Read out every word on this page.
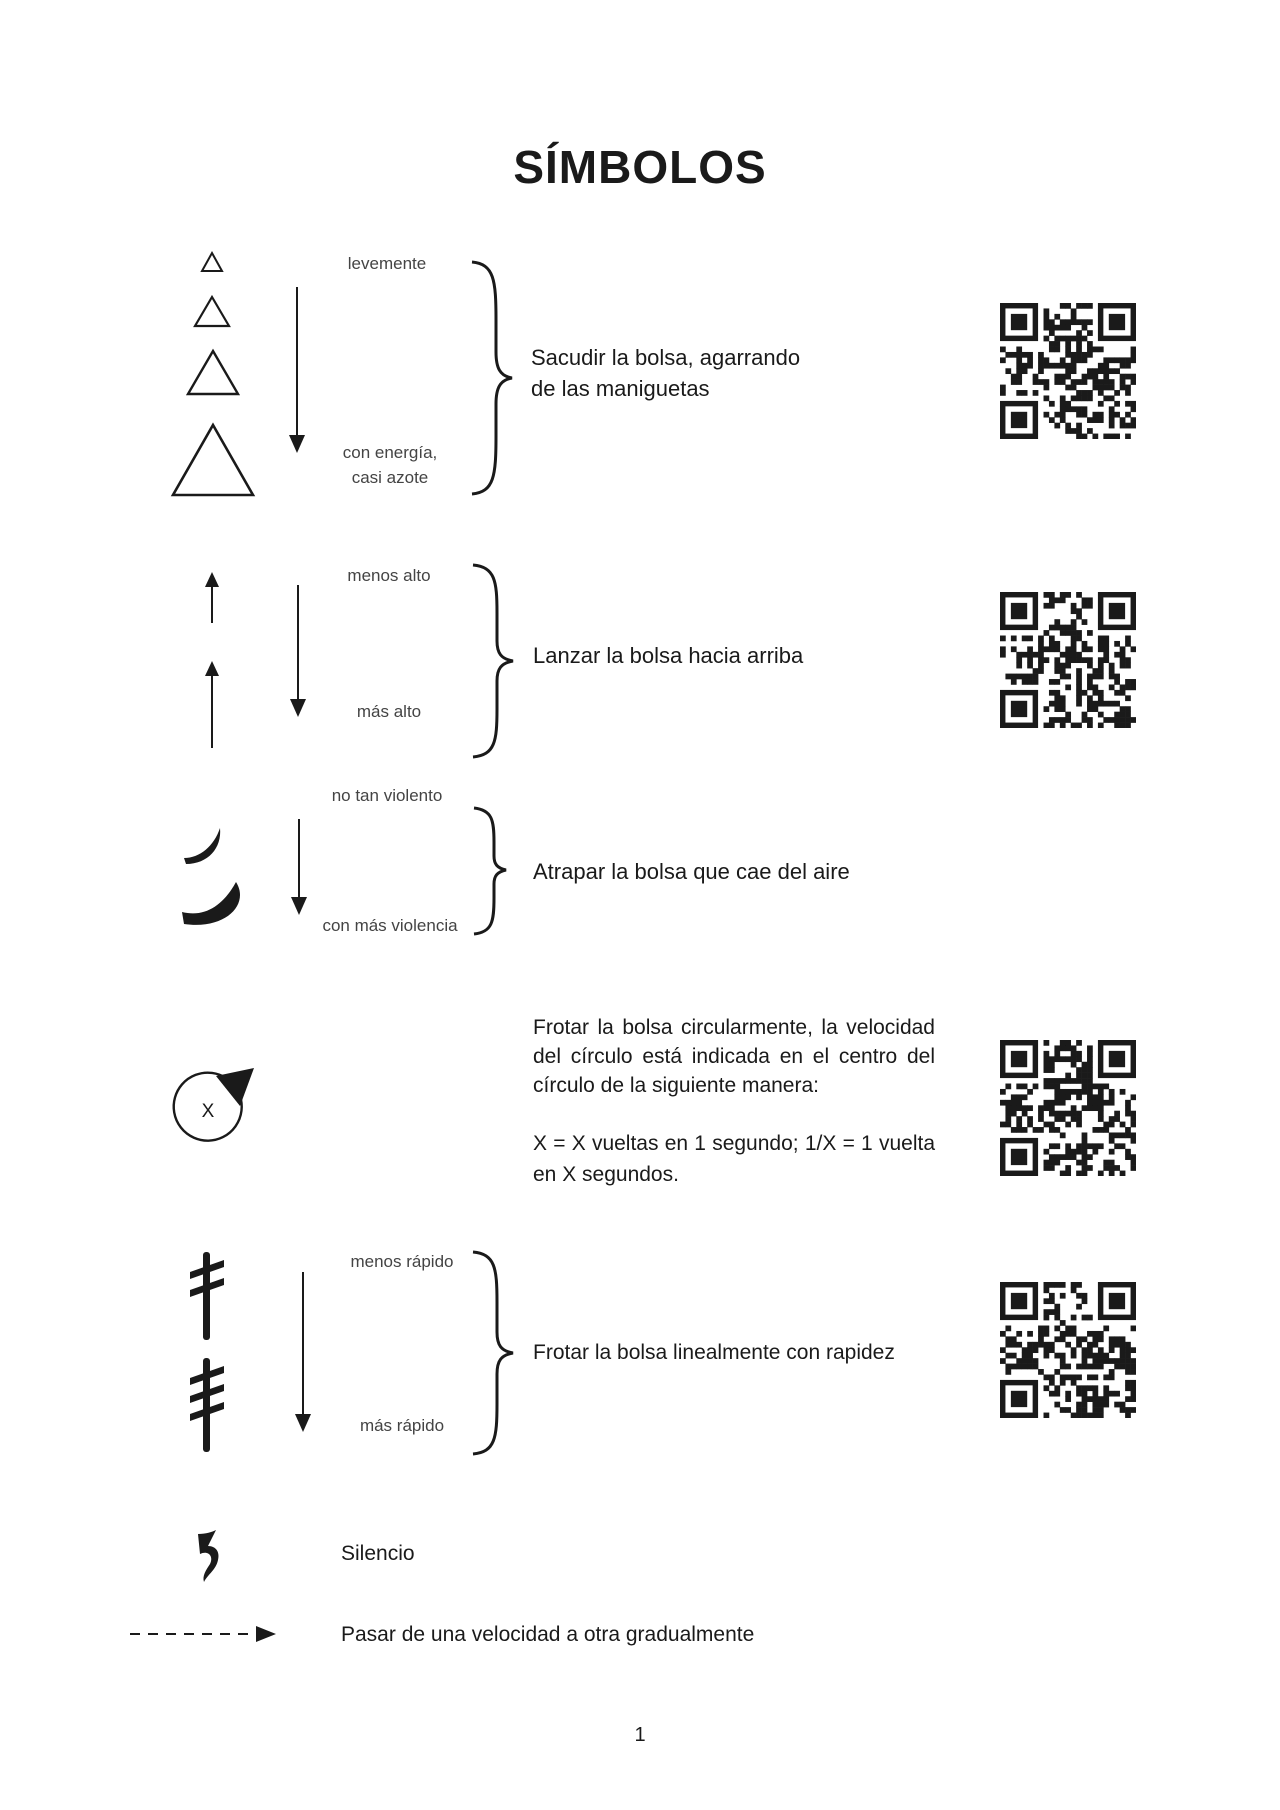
SÍMBOLOS
levemente
con energía,
casi azote
Sacudir la bolsa, agarrando
de las maniguetas
menos alto
más alto
Lanzar la bolsa hacia arriba
no tan violento
con más violencia
Atrapar la bolsa que cae del aire
X
Frotar la bolsa circularmente, la velocidad del círculo está indicada en el centro del círculo de la siguiente manera:
X = X vueltas en 1 segundo; 1/X = 1 vuelta en X segundos.
menos rápido
más rápido
Frotar la bolsa linealmente con rapidez
Silencio
Pasar de una velocidad a otra gradualmente
1
